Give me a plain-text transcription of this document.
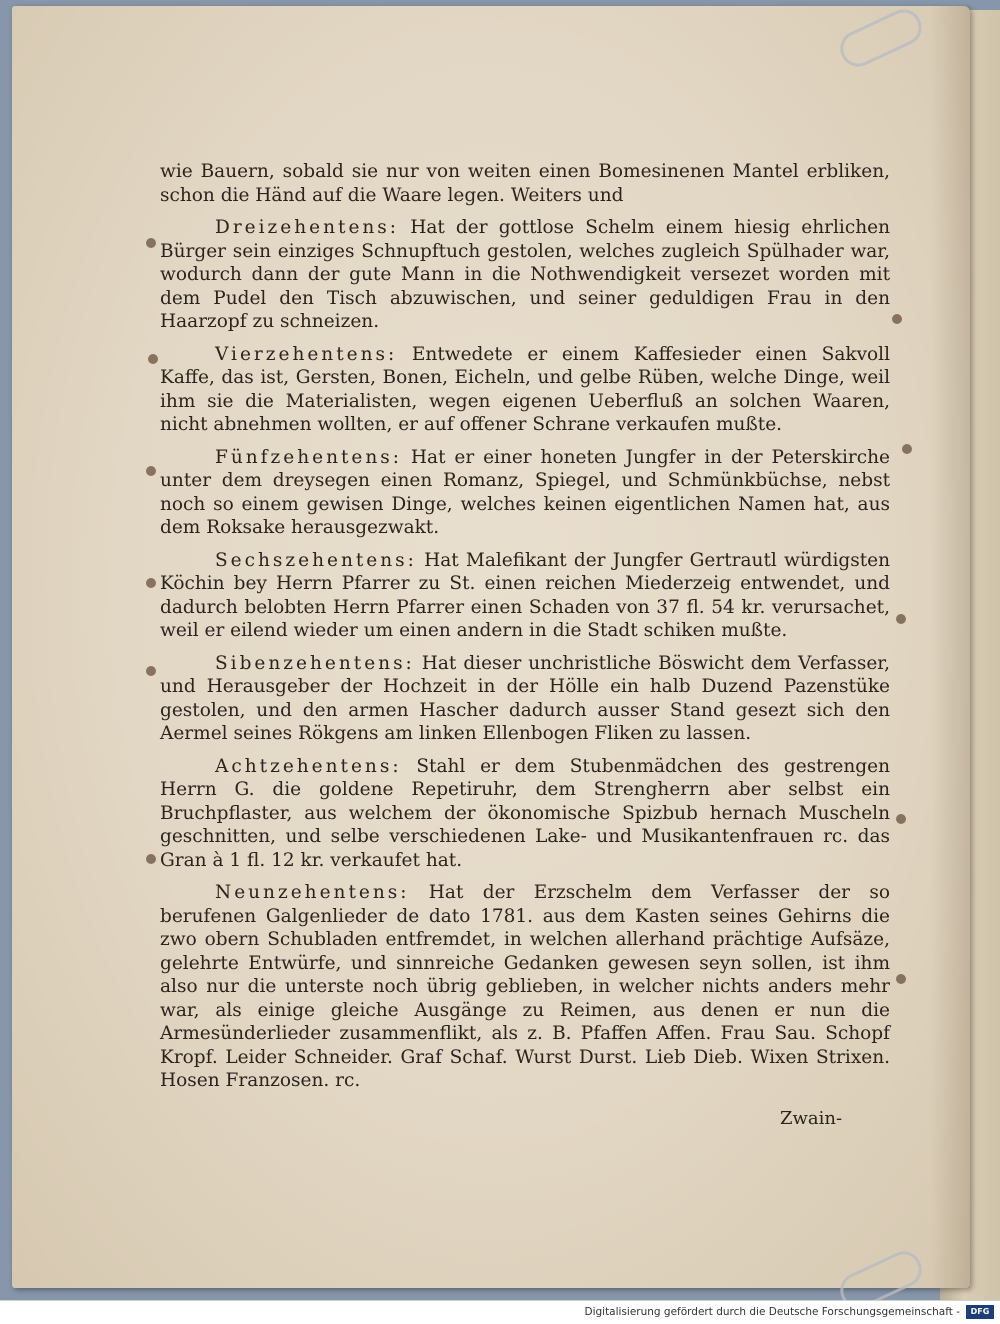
wie Bauern, sobald sie nur von weiten einen Bomesinenen Mantel erbliken, schon die Händ auf die Waare legen. Weiters und

Dreizehentens: Hat der gottlose Schelm einem hiesig ehrlichen Bürger sein einziges Schnupftuch gestolen, welches zugleich Spülhader war, wodurch dann der gute Mann in die Nothwendigkeit versezet worden mit dem Pudel den Tisch abzuwischen, und seiner geduldigen Frau in den Haarzopf zu schneizen.

Vierzehentens: Entwedete er einem Kaffesieder einen Sakvoll Kaffe, das ist, Gersten, Bonen, Eicheln, und gelbe Rüben, welche Dinge, weil ihm sie die Materialisten, wegen eigenen Ueberfluß an solchen Waaren, nicht abnehmen wollten, er auf offener Schrane verkaufen mußte.

Fünfzehentens: Hat er einer honeten Jungfer in der Peterskirche unter dem dreysegen einen Romanz, Spiegel, und Schmünkbüchse, nebst noch so einem gewisen Dinge, welches keinen eigentlichen Namen hat, aus dem Roksake herausgezwakt.

Sechszehentens: Hat Malefikant der Jungfer Gertrautl würdigsten Köchin bey Herrn Pfarrer zu St. einen reichen Miederzeig entwendet, und dadurch belobten Herrn Pfarrer einen Schaden von 37 fl. 54 kr. verursachet, weil er eilend wieder um einen andern in die Stadt schiken mußte.

Sibenzehentens: Hat dieser unchristliche Böswicht dem Verfasser, und Herausgeber der Hochzeit in der Hölle ein halb Duzend Pazenstüke gestolen, und den armen Hascher dadurch ausser Stand gesezt sich den Aermel seines Rökgens am linken Ellenbogen Fliken zu lassen.

Achtzehentens: Stahl er dem Stubenmädchen des gestrengen Herrn G. die goldene Repetiruhr, dem Strengherrn aber selbst ein Bruchpflaster, aus welchem der ökonomische Spizbub hernach Muscheln geschnitten, und selbe verschiedenen Lake- und Musikantenfrauen rc. das Gran à 1 fl. 12 kr. verkaufet hat.

Neunzehentens: Hat der Erzschelm dem Verfasser der so berufenen Galgenlieder de dato 1781. aus dem Kasten seines Gehirns die zwo obern Schubladen entfremdet, in welchen allerhand prächtige Aufsäze, gelehrte Entwürfe, und sinnreiche Gedanken gewesen seyn sollen, ist ihm also nur die unterste noch übrig geblieben, in welcher nichts anders mehr war, als einige gleiche Ausgänge zu Reimen, aus denen er nun die Armesünderlieder zusammenflikt, als z. B. Pfaffen Affen. Frau Sau. Schopf Kropf. Leider Schneider. Graf Schaf. Wurst Durst. Lieb Dieb. Wixen Strixen. Hosen Franzosen. rc.

Zwain-
Digitalisierung gefördert durch die Deutsche Forschungsgemeinschaft -	DFG
